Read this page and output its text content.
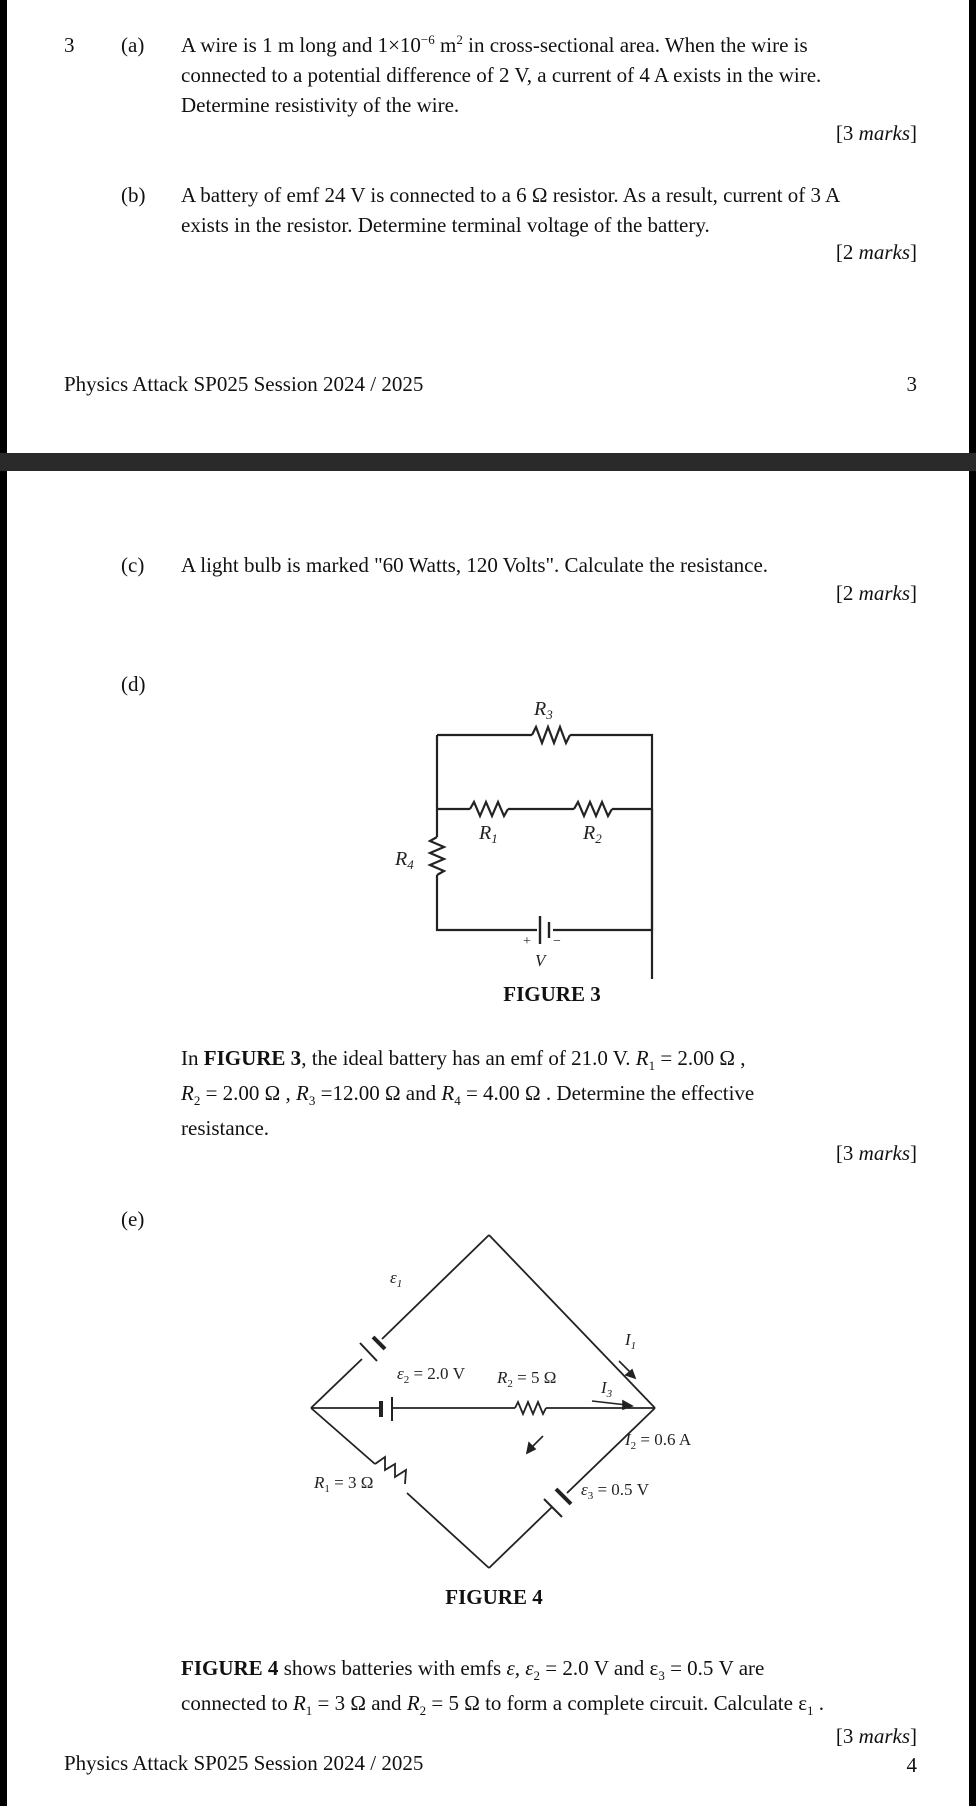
3 (a) A wire is 1 m long and $1\times 10^{-6}$ $m^2$ in cross-sectional area. When the wire is
connected to a potential difference of 2 V, a current of 4 A exists in the wire.
Determine resistivity of the wire.
[3 marks]
(b) A battery of emf 24 V is connected to a 6 Ω resistor. As a result, current of 3 A
exists in the resistor. Determine terminal voltage of the battery.
[2 marks]
Physics Attack SP025 Session 2024 / 2025	3
(c) A light bulb is marked "60 Watts, 120 Volts". Calculate the resistance.
[2 marks]
(d)
$R_3$
$R_1$	$R_2$
$R_4$
V
+ −
FIGURE 3
In FIGURE 3, the ideal battery has an emf of 21.0 V. $R_1 = 2.00$ Ω ,
$R_2 = 2.00$ Ω , $R_3 =12.00$ Ω and $R_4 = 4.00$ Ω . Determine the effective
resistance.
[3 marks]
(e)
$\varepsilon_1$
$\varepsilon_2 = 2.0$ V $R_2 = 5$ Ω
$I_1$
$I_3$
$I_2 = 0.6$ A
$R_1 = 3$ Ω	$\varepsilon_3 = 0.5$ V
FIGURE 4
FIGURE 4 shows batteries with emfs ε, $\varepsilon_2 = 2.0$ V and $\varepsilon_3 = 0.5$ V are
connected to $R_1 = 3$ Ω and $R_2 = 5$ Ω to form a complete circuit. Calculate $\varepsilon_1$ .
[3 marks]
Physics Attack SP025 Session 2024 / 2025	4
